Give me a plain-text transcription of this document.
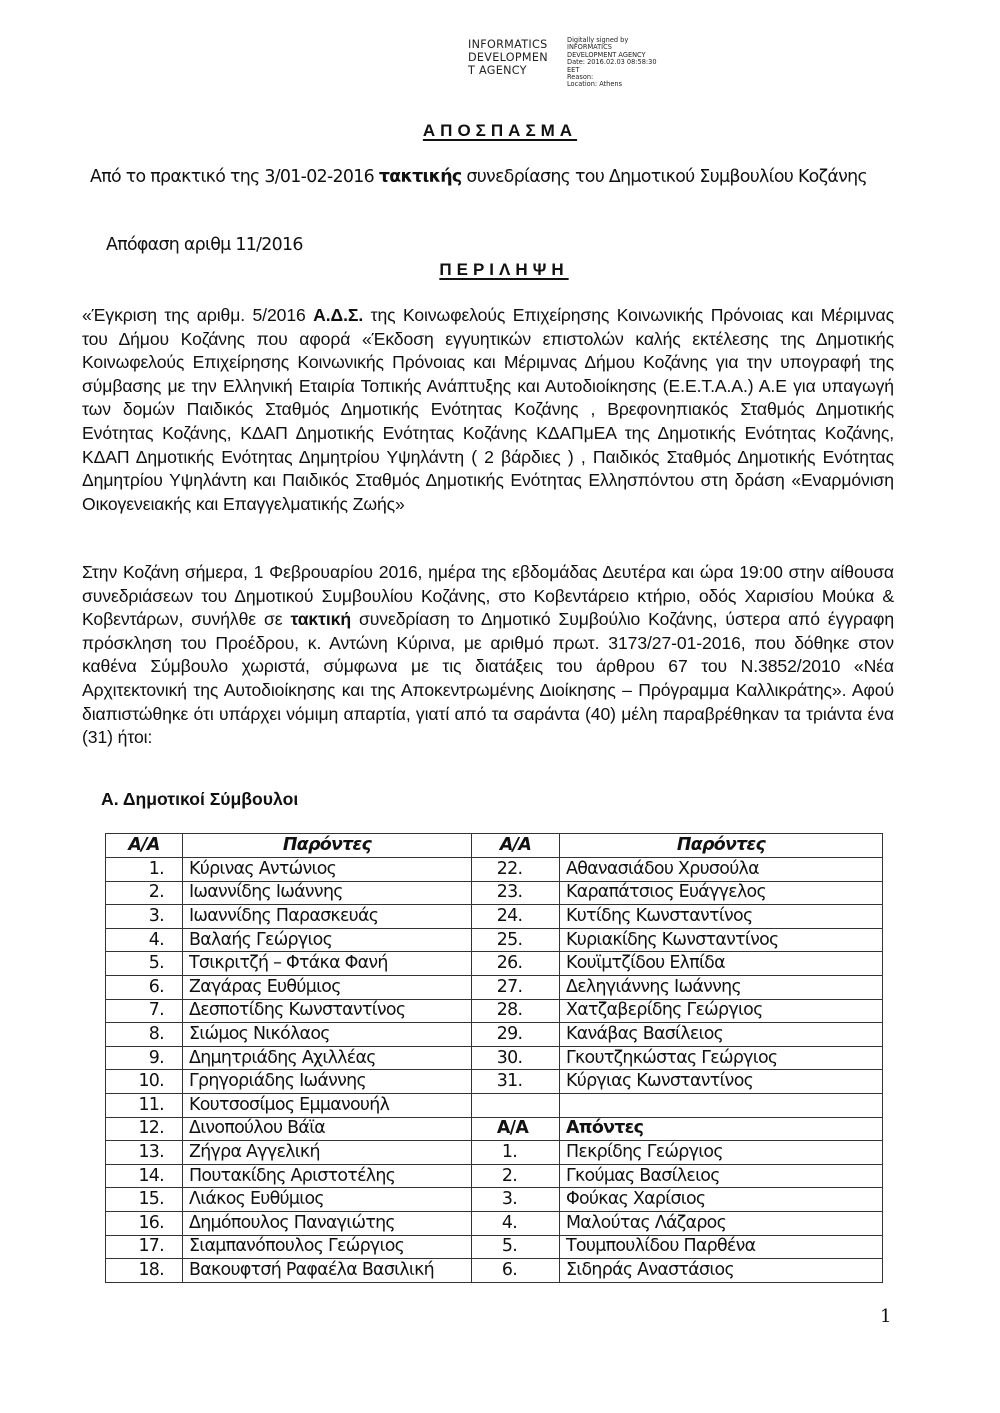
INFORMATICS
DEVELOPMEN
T AGENCY
Digitally signed by
INFORMATICS
DEVELOPMENT AGENCY
Date: 2016.02.03 08:58:30
EET
Reason:
Location: Athens
ΑΠΟΣΠΑΣΜΑ
Από το πρακτικό της 3/01-02-2016 τακτικής συνεδρίασης του Δημοτικού Συμβουλίου Κοζάνης
Απόφαση αριθμ 11/2016
ΠΕΡΙΛΗΨΗ
«Έγκριση της αριθμ. 5/2016 Α.Δ.Σ. της Κοινωφελούς Επιχείρησης Κοινωνικής Πρόνοιας και Μέριμνας του Δήμου Κοζάνης που αφορά «Έκδοση εγγυητικών επιστολών καλής εκτέλεσης της Δημοτικής Κοινωφελούς Επιχείρησης Κοινωνικής Πρόνοιας και Μέριμνας Δήμου Κοζάνης για την υπογραφή της σύμβασης με την Ελληνική Εταιρία Τοπικής Ανάπτυξης και Αυτοδιοίκησης (Ε.Ε.Τ.Α.Α.) Α.Ε για υπαγωγή των δομών Παιδικός Σταθμός Δημοτικής Ενότητας Κοζάνης , Βρεφονηπιακός Σταθμός Δημοτικής Ενότητας Κοζάνης, ΚΔΑΠ Δημοτικής Ενότητας Κοζάνης ΚΔΑΠμΕΑ της Δημοτικής Ενότητας Κοζάνης, ΚΔΑΠ Δημοτικής Ενότητας Δημητρίου Υψηλάντη ( 2 βάρδιες ) , Παιδικός Σταθμός Δημοτικής Ενότητας Δημητρίου Υψηλάντη και Παιδικός Σταθμός Δημοτικής Ενότητας Ελλησπόντου στη δράση «Εναρμόνιση Οικογενειακής και Επαγγελματικής Ζωής»
Στην Κοζάνη σήμερα, 1 Φεβρουαρίου 2016, ημέρα της εβδομάδας Δευτέρα και ώρα 19:00 στην αίθουσα συνεδριάσεων του Δημοτικού Συμβουλίου Κοζάνης, στο Κοβεντάρειο κτήριο, οδός Χαρισίου Μούκα & Κοβεντάρων, συνήλθε σε τακτική συνεδρίαση το Δημοτικό Συμβούλιο Κοζάνης, ύστερα από έγγραφη πρόσκληση του Προέδρου, κ. Αντώνη Κύρινα, με αριθμό πρωτ. 3173/27-01-2016, που δόθηκε στον καθένα Σύμβουλο χωριστά, σύμφωνα με τις διατάξεις του άρθρου 67 του Ν.3852/2010 «Νέα Αρχιτεκτονική της Αυτοδιοίκησης και της Αποκεντρωμένης Διοίκησης – Πρόγραμμα Καλλικράτης». Αφού διαπιστώθηκε ότι υπάρχει νόμιμη απαρτία, γιατί από τα σαράντα (40) μέλη παραβρέθηκαν τα τριάντα ένα (31) ήτοι:
Α. Δημοτικοί Σύμβουλοι
Α/Α	Παρόντες	Α/Α	Παρόντες
1.	Κύρινας Αντώνιος	22.	Αθανασιάδου Χρυσούλα
2.	Ιωαννίδης Ιωάννης	23.	Καραπάτσιος Ευάγγελος
3.	Ιωαννίδης Παρασκευάς	24.	Κυτίδης Κωνσταντίνος
4.	Βαλαής Γεώργιος	25.	Κυριακίδης Κωνσταντίνος
5.	Τσικριτζή – Φτάκα Φανή	26.	Κουϊμτζίδου Ελπίδα
6.	Ζαγάρας Ευθύμιος	27.	Δεληγιάννης Ιωάννης
7.	Δεσποτίδης Κωνσταντίνος	28.	Χατζαβερίδης Γεώργιος
8.	Σιώμος Νικόλαος	29.	Κανάβας Βασίλειος
9.	Δημητριάδης Αχιλλέας	30.	Γκουτζηκώστας Γεώργιος
10.	Γρηγοριάδης Ιωάννης	31.	Κύργιας Κωνσταντίνος
11.	Κουτσοσίμος Εμμανουήλ		
12.	Δινοπούλου Βάϊα	Α/Α	Απόντες
13.	Ζήγρα Αγγελική	1.	Πεκρίδης Γεώργιος
14.	Πουτακίδης Αριστοτέλης	2.	Γκούμας Βασίλειος
15.	Λιάκος Ευθύμιος	3.	Φούκας Χαρίσιος
16.	Δημόπουλος Παναγιώτης	4.	Μαλούτας Λάζαρος
17.	Σιαμπανόπουλος Γεώργιος	5.	Τουμπουλίδου Παρθένα
18.	Βακουφτσή Ραφαέλα Βασιλική	6.	Σιδηράς Αναστάσιος
1
